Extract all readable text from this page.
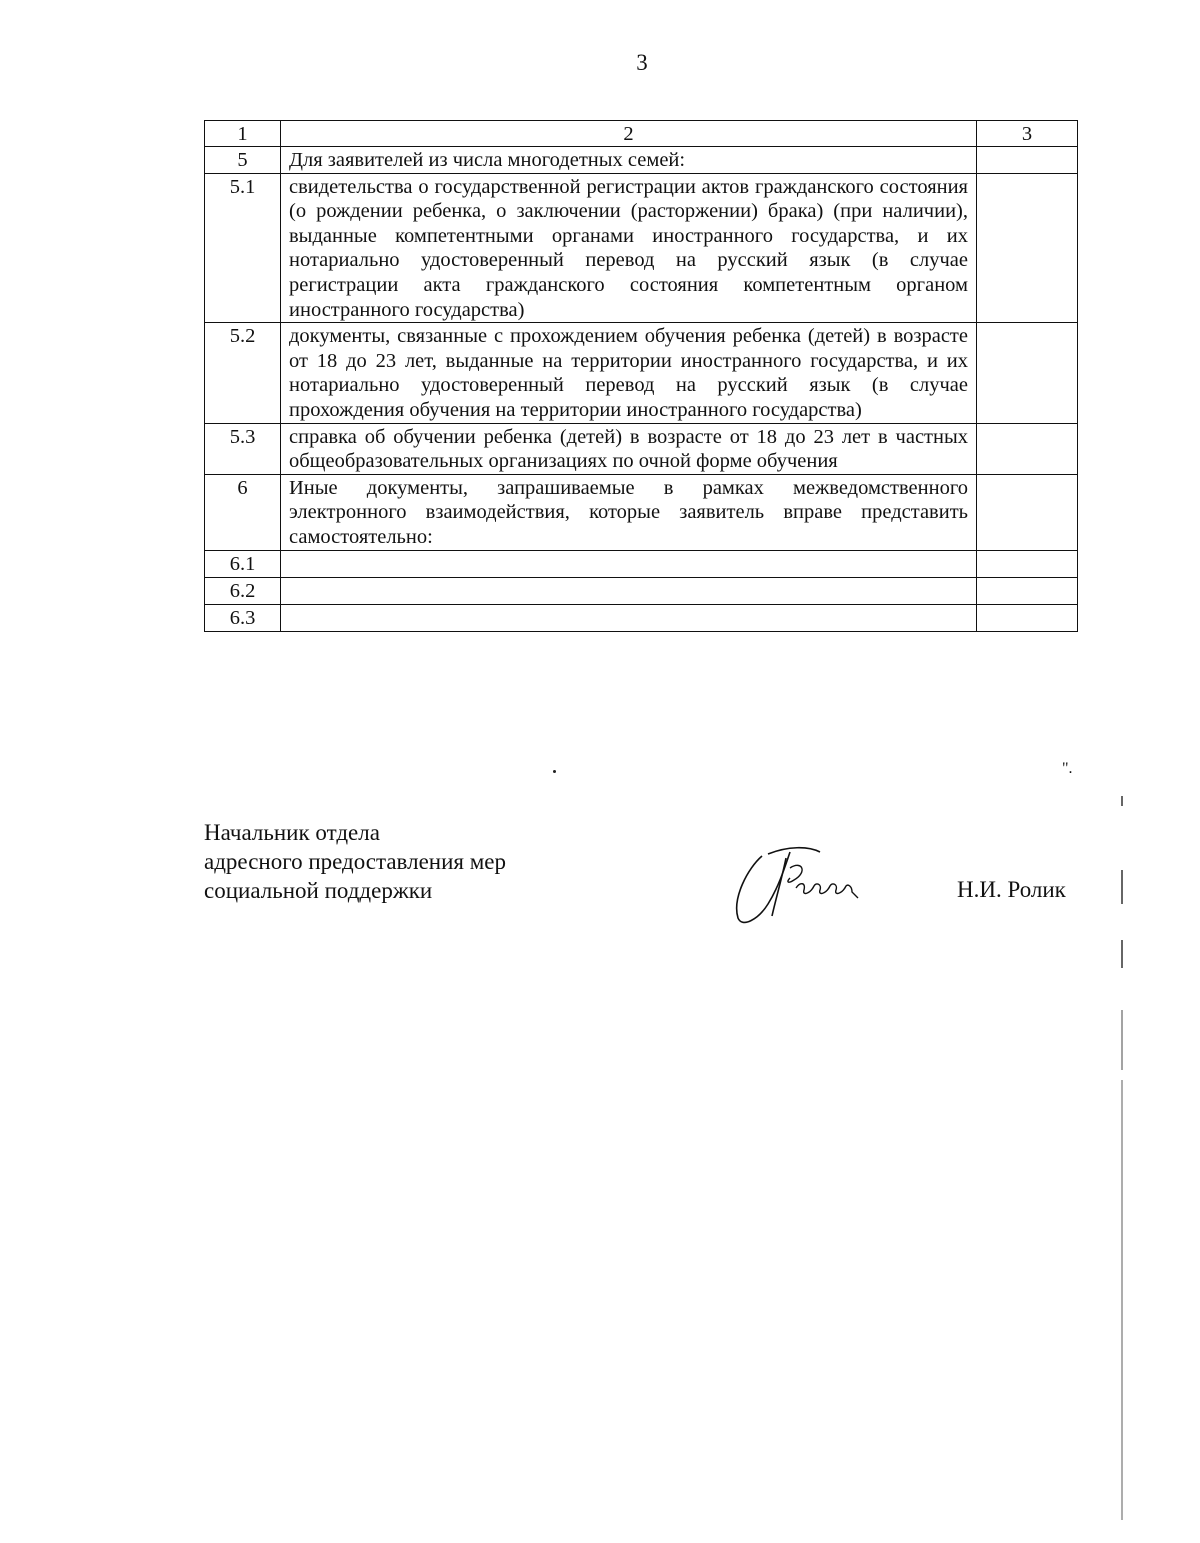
3
1	2	3
5	Для заявителей из числа многодетных семей:	
5.1	свидетельства о государственной регистрации актов гражданского состояния (о рождении ребенка, о заключении (расторжении) брака) (при наличии), выданные компетентными органами иностранного государства, и их нотариально удостоверенный перевод на русский язык (в случае регистрации акта гражданского состояния компетентным органом иностранного государства)	
5.2	документы, связанные с прохождением обучения ребенка (детей) в возрасте от 18 до 23 лет, выданные на территории иностранного государства, и их нотариально удостоверенный перевод на русский язык (в случае прохождения обучения на территории иностранного государства)	
5.3	справка об обучении ребенка (детей) в возрасте от 18 до 23 лет в частных общеобразовательных организациях по очной форме обучения	
6	Иные документы, запрашиваемые в рамках межведомственного электронного взаимодействия, которые заявитель вправе представить самостоятельно:	
6.1		
6.2		
6.3		
".
Начальник отдела
адресного предоставления мер
социальной поддержки	Н.И. Ролик
